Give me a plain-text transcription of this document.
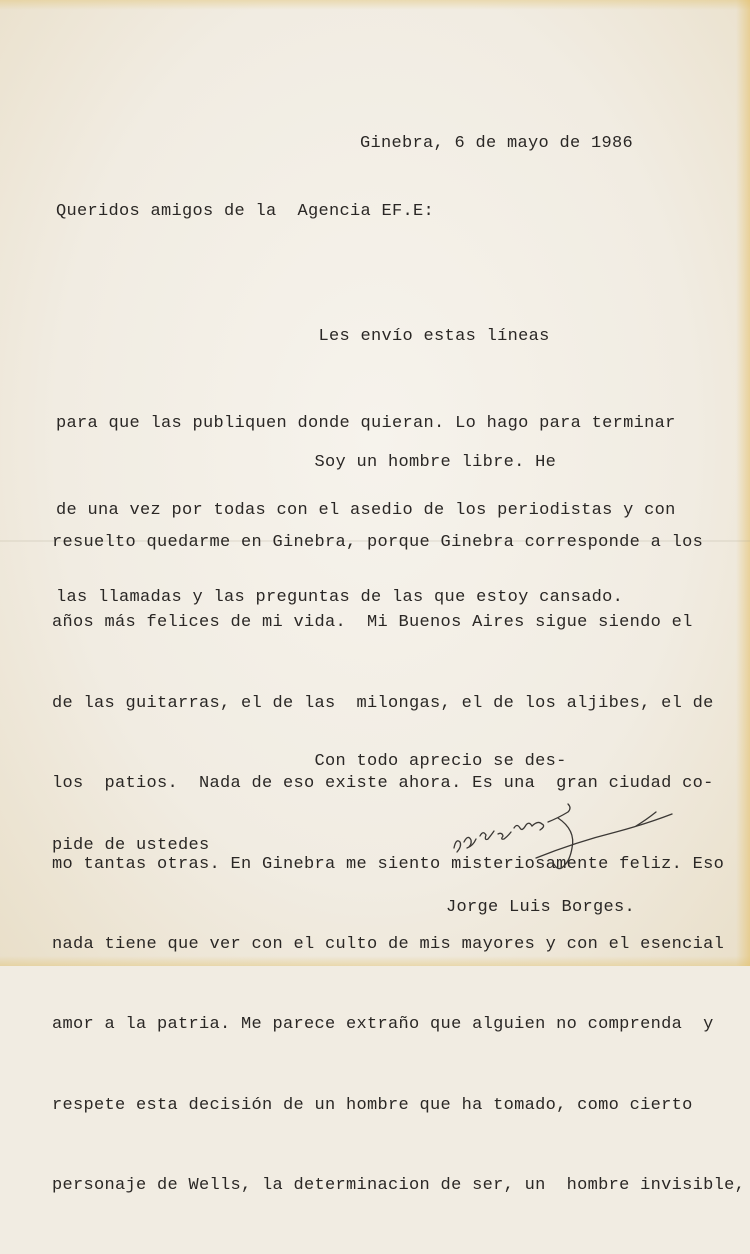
Ginebra, 6 de mayo de 1986

Queridos amigos de la  Agencia EF.E:

Les envío estas líneas

para que las publiquen donde quieran. Lo hago para terminar

de una vez por todas con el asedio de los periodistas y con

las llamadas y las preguntas de las que estoy cansado.

Soy un hombre libre. He

resuelto quedarme en Ginebra, porque Ginebra corresponde a los

años más felices de mi vida.  Mi Buenos Aires sigue siendo el

de las guitarras, el de las  milongas, el de los aljibes, el de

los  patios.  Nada de eso existe ahora. Es una  gran ciudad co-

mo tantas otras. En Ginebra me siento misteriosamente feliz. Eso

nada tiene que ver con el culto de mis mayores y con el esencial

amor a la patria. Me parece extraño que alguien no comprenda  y

respete esta decisión de un hombre que ha tomado, como cierto

personaje de Wells, la determinacion de ser, un  hombre invisible,

Con todo aprecio se des-

pide de ustedes

Jorge Luis Borges.
